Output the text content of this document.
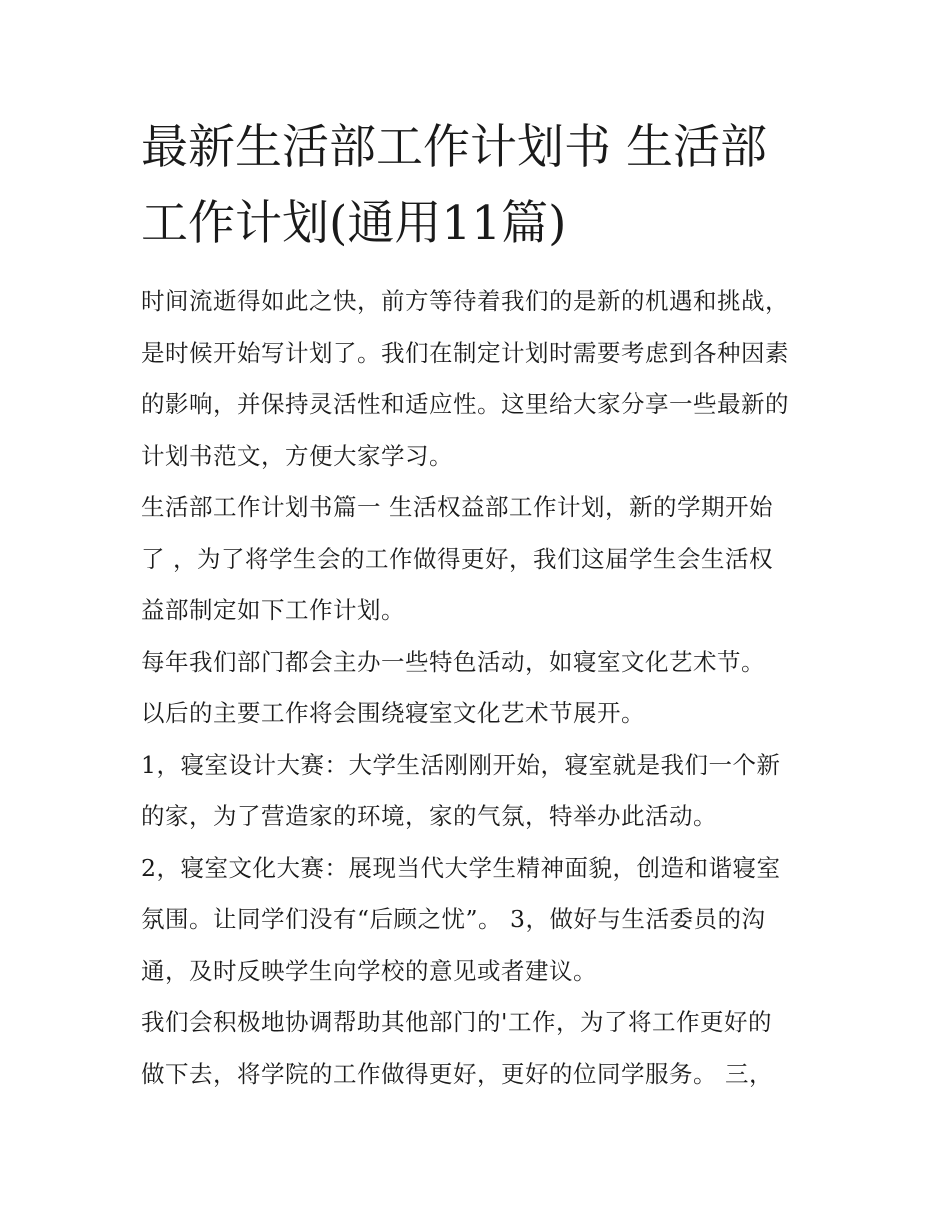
最新生活部工作计划书 生活部
工作计划(通用11篇)

时间流逝得如此之快，前方等待着我们的是新的机遇和挑战，
是时候开始写计划了。我们在制定计划时需要考虑到各种因素
的影响，并保持灵活性和适应性。这里给大家分享一些最新的
计划书范文，方便大家学习。

生活部工作计划书篇一 生活权益部工作计划，新的学期开始
了 ，为了将学生会的工作做得更好，我们这届学生会生活权
益部制定如下工作计划。

每年我们部门都会主办一些特色活动，如寝室文化艺术节。
以后的主要工作将会围绕寝室文化艺术节展开。

1，寝室设计大赛：大学生活刚刚开始，寝室就是我们一个新
的家，为了营造家的环境，家的气氛，特举办此活动。

2，寝室文化大赛：展现当代大学生精神面貌，创造和谐寝室
氛围。让同学们没有“后顾之忧”。 3，做好与生活委员的沟
通，及时反映学生向学校的意见或者建议。

我们会积极地协调帮助其他部门的'工作，为了将工作更好的
做下去，将学院的工作做得更好，更好的位同学服务。 三，
